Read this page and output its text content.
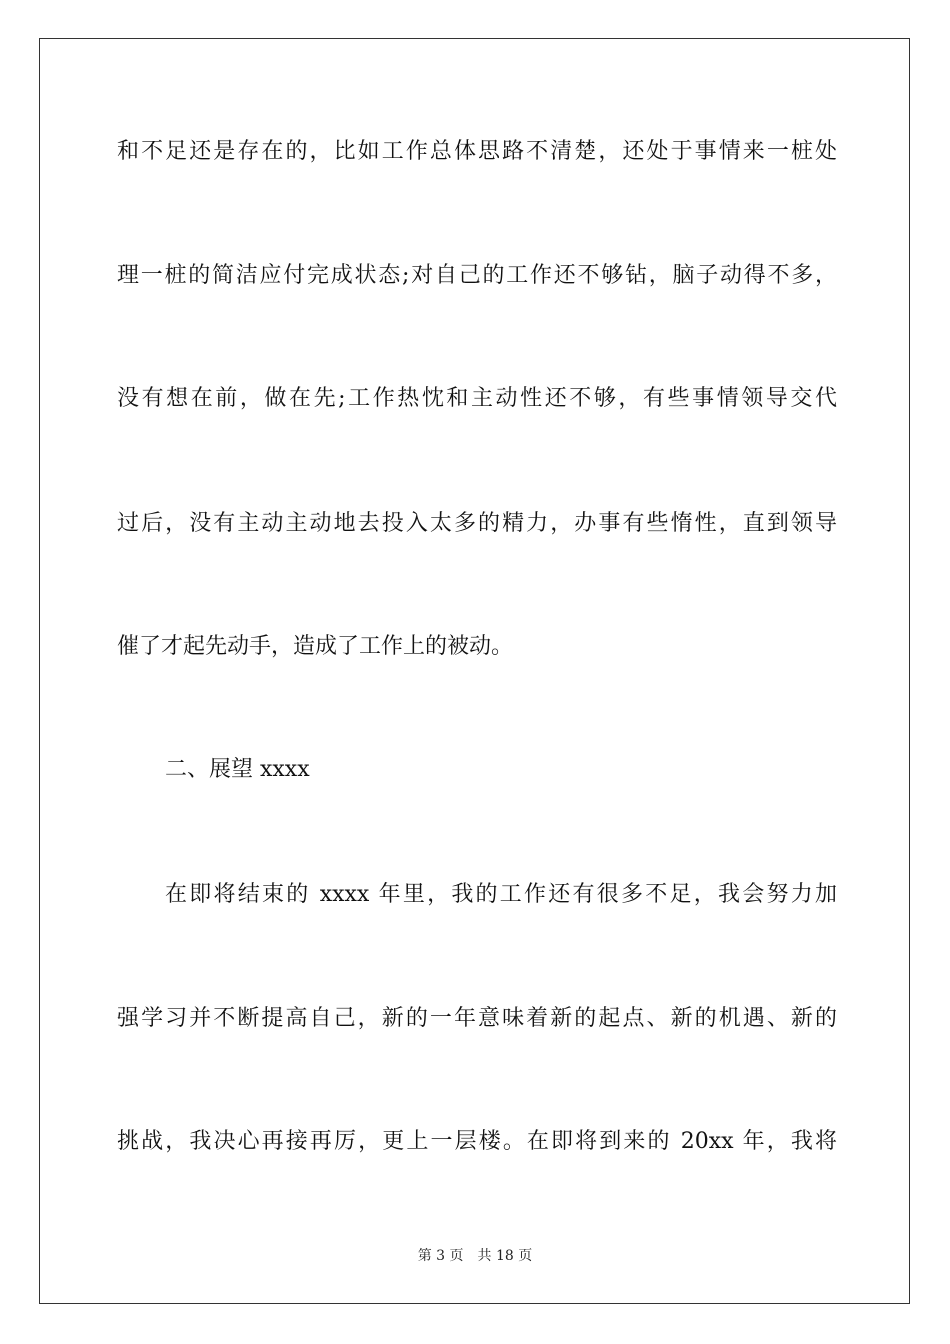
和不足还是存在的，比如工作总体思路不清楚，还处于事情来一桩处
理一桩的简洁应付完成状态;对自己的工作还不够钻，脑子动得不多，
没有想在前，做在先;工作热忱和主动性还不够，有些事情领导交代
过后，没有主动主动地去投入太多的精力，办事有些惰性，直到领导
催了才起先动手，造成了工作上的被动。
二、展望 xxxx
在即将结束的 xxxx 年里，我的工作还有很多不足，我会努力加
强学习并不断提高自己，新的一年意味着新的起点、新的机遇、新的
挑战，我决心再接再厉，更上一层楼。在即将到来的 20xx 年，我将
第 3 页 共 18 页
